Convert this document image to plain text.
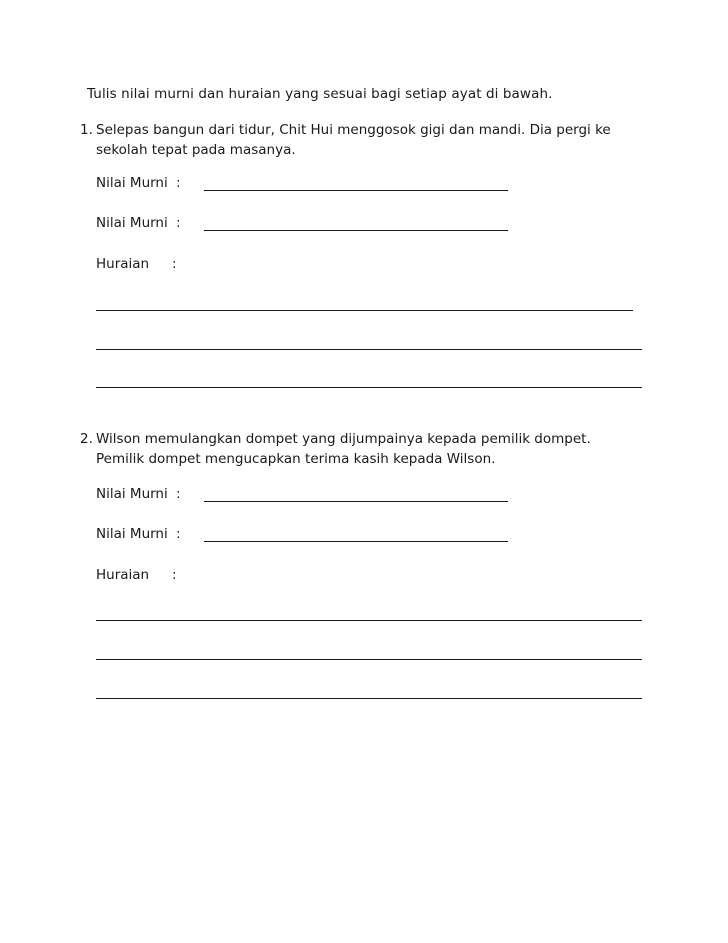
Tulis nilai murni dan huraian yang sesuai bagi setiap ayat di bawah.
1. Selepas bangun dari tidur, Chit Hui menggosok gigi dan mandi. Dia pergi ke
sekolah tepat pada masanya.
Nilai Murni :
Nilai Murni :
Huraian :
2. Wilson memulangkan dompet yang dijumpainya kepada pemilik dompet.
Pemilik dompet mengucapkan terima kasih kepada Wilson.
Nilai Murni :
Nilai Murni :
Huraian :
